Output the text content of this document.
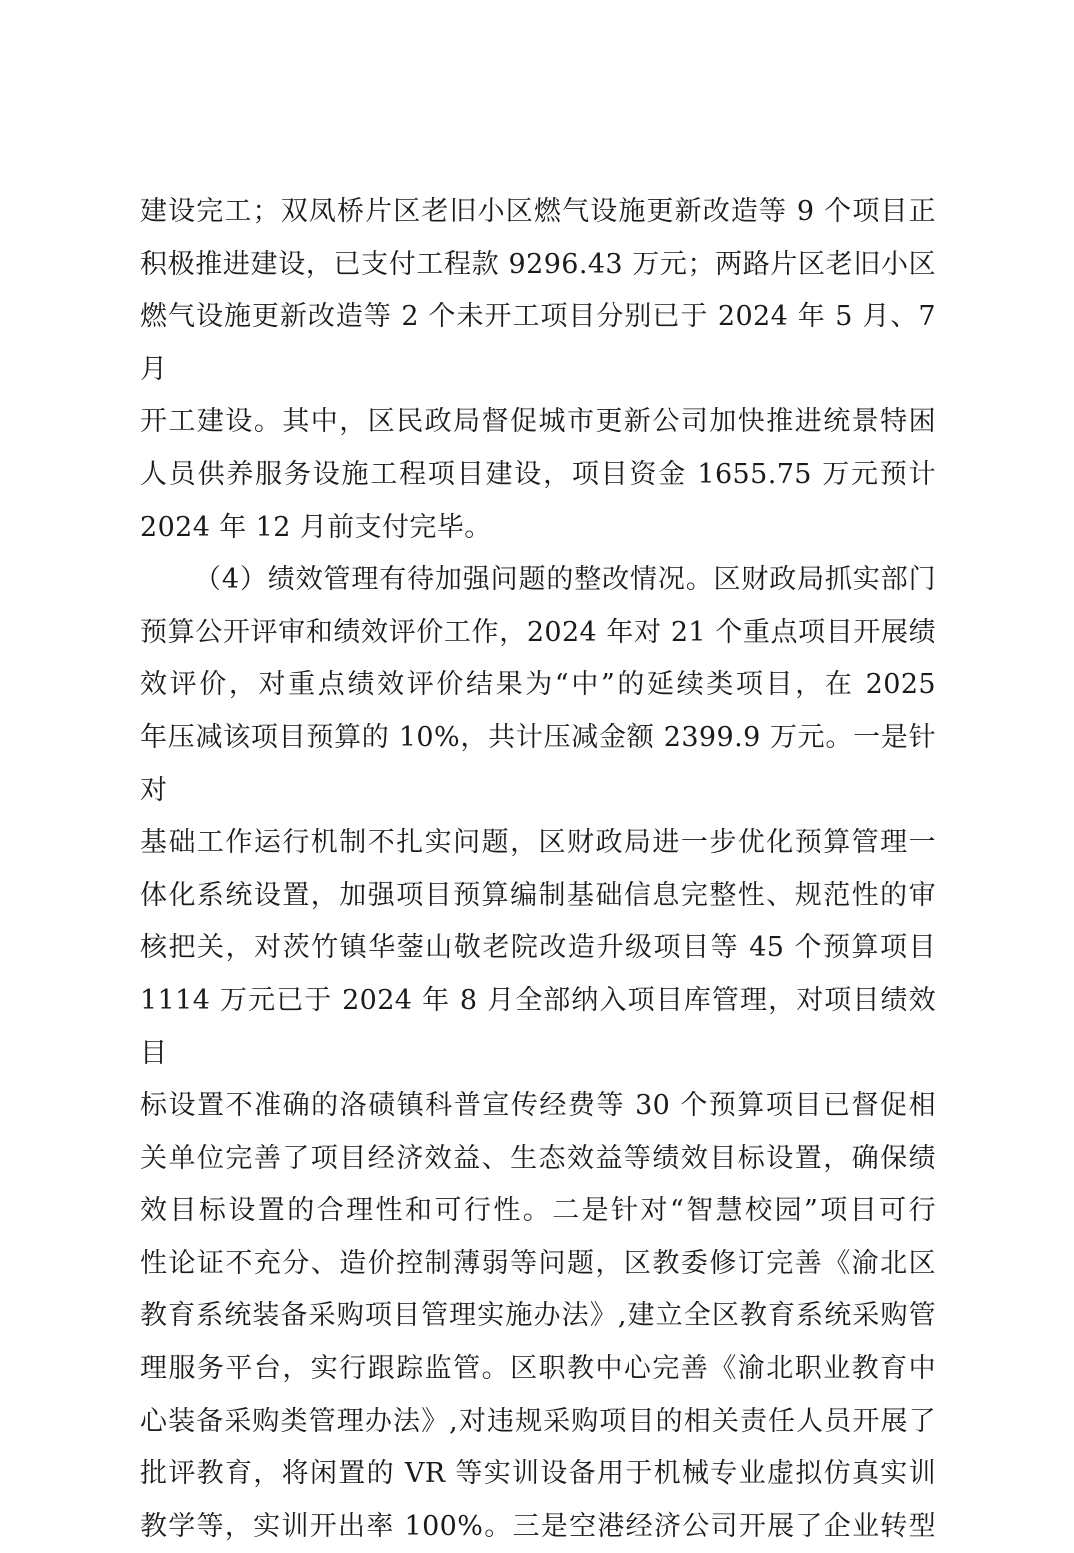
建设完工；双凤桥片区老旧小区燃气设施更新改造等 9 个项目正
积极推进建设，已支付工程款 9296.43 万元；两路片区老旧小区
燃气设施更新改造等 2 个未开工项目分别已于 2024 年 5 月、7 月
开工建设。其中，区民政局督促城市更新公司加快推进统景特困
人员供养服务设施工程项目建设，项目资金 1655.75 万元预计
2024 年 12 月前支付完毕。
（4）绩效管理有待加强问题的整改情况。区财政局抓实部门
预算公开评审和绩效评价工作，2024 年对 21 个重点项目开展绩
效评价，对重点绩效评价结果为“中”的延续类项目，在 2025
年压减该项目预算的 10%，共计压减金额 2399.9 万元。一是针对
基础工作运行机制不扎实问题，区财政局进一步优化预算管理一
体化系统设置，加强项目预算编制基础信息完整性、规范性的审
核把关，对茨竹镇华蓥山敬老院改造升级项目等 45 个预算项目
1114 万元已于 2024 年 8 月全部纳入项目库管理，对项目绩效目
标设置不准确的洛碛镇科普宣传经费等 30 个预算项目已督促相
关单位完善了项目经济效益、生态效益等绩效目标设置，确保绩
效目标设置的合理性和可行性。二是针对“智慧校园”项目可行
性论证不充分、造价控制薄弱等问题，区教委修订完善《渝北区
教育系统装备采购项目管理实施办法》,建立全区教育系统采购管
理服务平台，实行跟踪监管。区职教中心完善《渝北职业教育中
心装备采购类管理办法》,对违规采购项目的相关责任人员开展了
批评教育，将闲置的 VR 等实训设备用于机械专业虚拟仿真实训
教学等，实训开出率 100%。三是空港经济公司开展了企业转型
